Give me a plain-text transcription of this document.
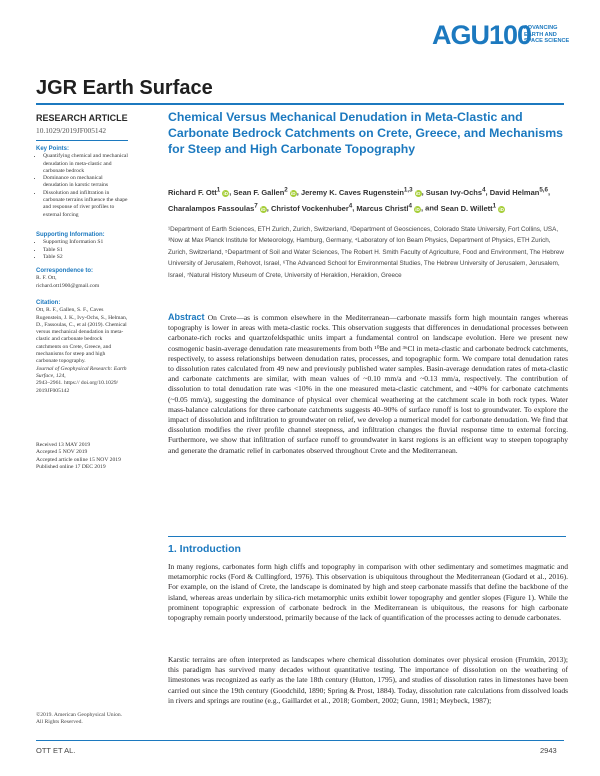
AGU100
ADVANCING
EARTH AND
SPACE SCIENCE
JGR Earth Surface
RESEARCH ARTICLE
10.1029/2019JF005142
Key Points:
• Quantifying chemical and mechanical denudation in meta-clastic and carbonate bedrock
• Dominance on mechanical denudation in karstic terrains
• Dissolution and infiltration in carbonate terrains influence the shape and response of river profiles to external forcing
Supporting Information:
• Supporting Information S1
• Table S1
• Table S2
Correspondence to:
R. F. Ott,
richard.ott1900@gmail.com
Citation:
Ott, R. F., Gallen, S. F., Caves Rugenstein, J. K., Ivy-Ochs, S., Helman, D., Fassoulas, C., et al (2019). Chemical versus mechanical denudation in meta-clastic and carbonate bedrock catchments on Crete, Greece, and mechanisms for steep and high carbonate topography.
Journal of Geophysical Research: Earth Surface, 124,
2943–2961. https:// doi.org/10.1029/ 2019JF005142
Received 13 MAY 2019
Accepted 5 NOV 2019
Accepted article online 15 NOV 2019
Published online 17 DEC 2019
©2019. American Geophysical Union.
All Rights Reserved.
Chemical Versus Mechanical Denudation in Meta-Clastic and Carbonate Bedrock Catchments on Crete, Greece, and Mechanisms for Steep and High Carbonate Topography
Richard F. Ott$^1$iD, Sean F. Gallen$^2$iD, Jeremy K. Caves Rugenstein$^{1,3}$iD, Susan Ivy-Ochs$^4$, David Helman$^{5,6}$, Charalampos Fassoulas$^7$iD, Christof Vockenhuber$^4$, Marcus Christl$^4$iD, and Sean D. Willett$^1$iD
¹Department of Earth Sciences, ETH Zurich, Zurich, Switzerland, ²Department of Geosciences, Colorado State University, Fort Collins, USA, ³Now at Max Planck Institute for Meteorology, Hamburg, Germany, ⁴Laboratory of Ion Beam Physics, Department of Physics, ETH Zurich, Zurich, Switzerland, ⁵Department of Soil and Water Sciences, The Robert H. Smith Faculty of Agriculture, Food and Environment, The Hebrew University of Jerusalem, Rehovot, Israel, ⁶The Advanced School for Environmental Studies, The Hebrew University of Jerusalem, Jerusalem, Israel, ⁷Natural History Museum of Crete, University of Heraklion, Heraklion, Greece
Abstract On Crete—as is common elsewhere in the Mediterranean—carbonate massifs form high mountain ranges whereas topography is lower in areas with meta-clastic rocks. This observation suggests that differences in denudational processes between carbonate-rich rocks and quartzofeldspathic units impart a fundamental control on landscape evolution. Here we present new cosmogenic basin-average denudation rate measurements from both ¹⁰Be and ³⁶Cl in meta-clastic and carbonate bedrock catchments, respectively, to assess relationships between denudation rates, processes, and topographic form. We compare total denudation rates to dissolution rates calculated from 49 new and previously published water samples. Basin-average denudation rates of meta-clastic and carbonate catchments are similar, with mean values of ~0.10 mm/a and ~0.13 mm/a, respectively. The contribution of dissolution to total denudation rate was <10% in the one measured meta-clastic catchment, and ~40% for carbonate catchments (~0.05 mm/a), suggesting the dominance of physical over chemical weathering at the catchment scale in both rock types. Water mass-balance calculations for three carbonate catchments suggests 40–90% of surface runoff is lost to groundwater. To explore the impact of dissolution and infiltration to groundwater on relief, we develop a numerical model for carbonate denudation. We find that dissolution modifies the river profile channel steepness, and infiltration changes the fluvial response time to external forcing. Furthermore, we show that infiltration of surface runoff to groundwater in karst regions is an efficient way to steepen topography and generate the dramatic relief in carbonates observed throughout Crete and the Mediterranean.
1. Introduction
In many regions, carbonates form high cliffs and topography in comparison with other sedimentary and sometimes magmatic and metamorphic rocks (Ford & Cullingford, 1976). This observation is ubiquitous throughout the Mediterranean (Godard et al., 2016). For example, on the island of Crete, the landscape is dominated by high and steep carbonate massifs that define the backbone of the island, whereas areas underlain by silica-rich metamorphic units exhibit lower topography and gentler slopes (Figure 1). While the prominent topographic expression of carbonate bedrock in the Mediterranean is ubiquitous, the reasons for high carbonate topography remain poorly understood, primarily because of the lack of quantification of the processes acting to denude carbonates.
Karstic terrains are often interpreted as landscapes where chemical dissolution dominates over physical erosion (Frumkin, 2013); this paradigm has survived many decades without quantitative testing. The importance of dissolution on the weathering of limestones was recognized as early as the late 18th century (Hutton, 1795), and studies of dissolution rates in limestones have been carried out since the 19th century (Goodchild, 1890; Spring & Prost, 1884). Today, dissolution rate calculations from dissolved loads in rivers and springs are routine (e.g., Gaillardet et al., 2018; Gombert, 2002; Gunn, 1981; Meybeck, 1987);
OTT ET AL.	2943
